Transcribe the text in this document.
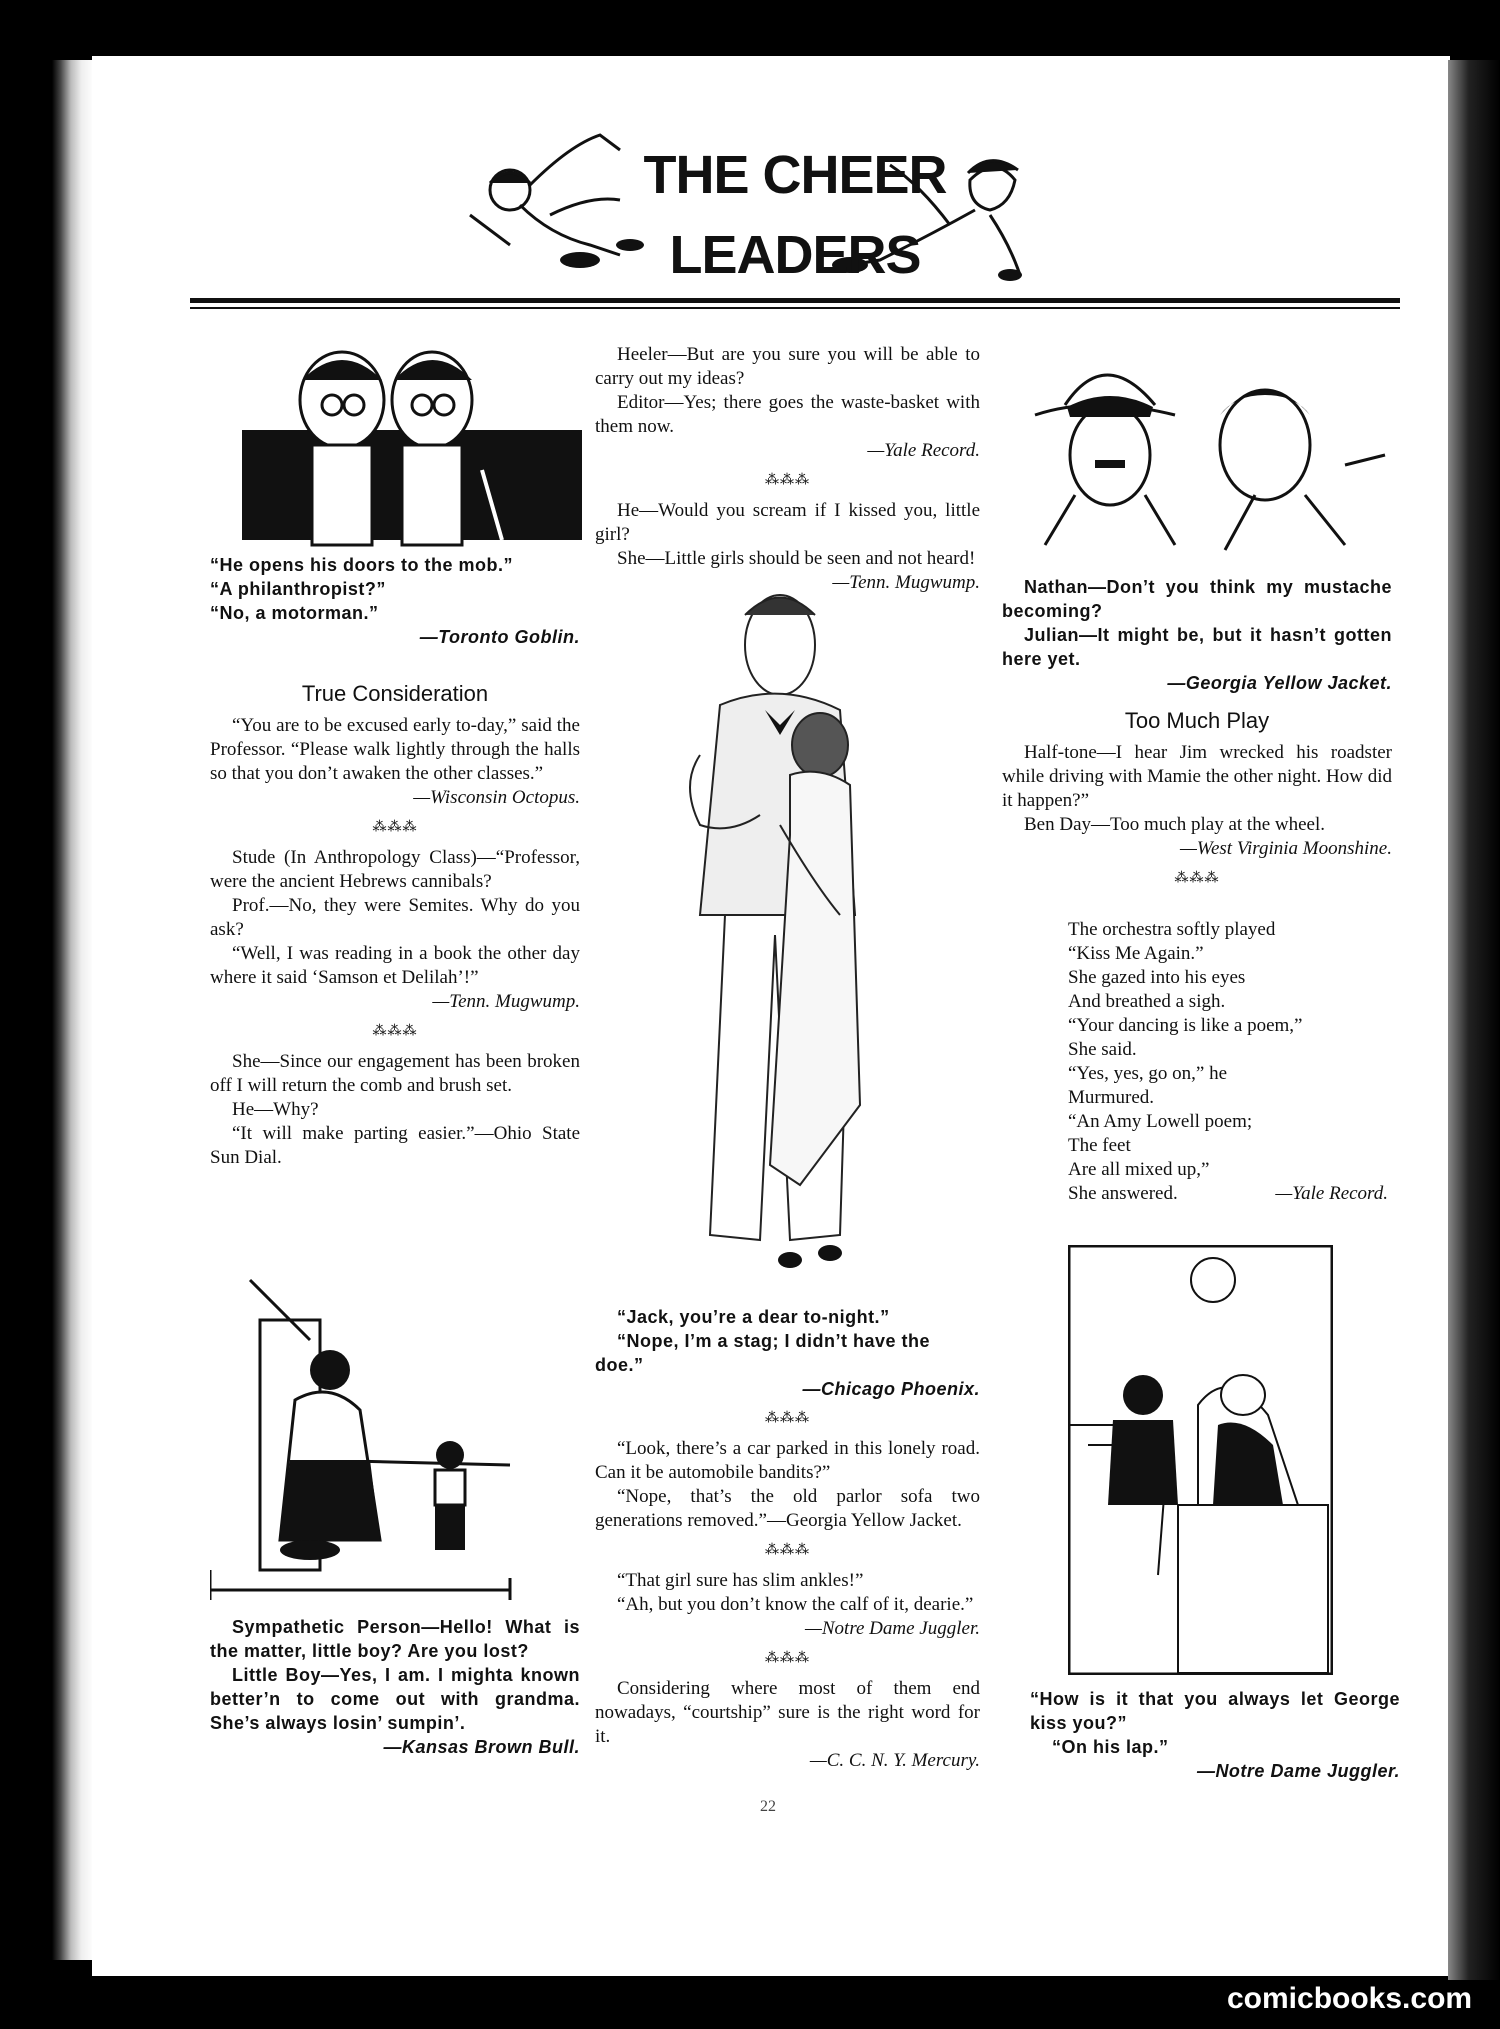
THE CHEER LEADERS

“He opens his doors to the mob.”

“A philanthropist?”

“No, a motorman.”

—Toronto Goblin.

True Consideration

“You are to be excused early to-day,” said the Professor. “Please walk lightly through the halls so that you don’t awaken the other classes.”

—Wisconsin Octopus.

⁂⁂⁂

Stude (In Anthropology Class)—“Professor, were the ancient Hebrews cannibals?

Prof.—No, they were Semites. Why do you ask?

“Well, I was reading in a book the other day where it said ‘Samson et Delilah’!”

—Tenn. Mugwump.

⁂⁂⁂

She—Since our engagement has been broken off I will return the comb and brush set.

He—Why?

“It will make parting easier.”—Ohio State Sun Dial.

Sympathetic Person—Hello! What is the matter, little boy? Are you lost?

Little Boy—Yes, I am. I mighta known better’n to come out with grandma. She’s always losin’ sumpin’.

—Kansas Brown Bull.

Heeler—But are you sure you will be able to carry out my ideas?

Editor—Yes; there goes the waste-basket with them now.

—Yale Record.

⁂⁂⁂

He—Would you scream if I kissed you, little girl?

She—Little girls should be seen and not heard!

—Tenn. Mugwump.

“Jack, you’re a dear to-night.”

“Nope, I’m a stag; I didn’t have the doe.”

—Chicago Phoenix.

⁂⁂⁂

“Look, there’s a car parked in this lonely road. Can it be automobile bandits?”

“Nope, that’s the old parlor sofa two generations removed.”—Georgia Yellow Jacket.

⁂⁂⁂

“That girl sure has slim ankles!”

“Ah, but you don’t know the calf of it, dearie.”

—Notre Dame Juggler.

⁂⁂⁂

Considering where most of them end nowadays, “courtship” sure is the right word for it.

—C. C. N. Y. Mercury.

Nathan—Don’t you think my mustache becoming?

Julian—It might be, but it hasn’t gotten here yet.

—Georgia Yellow Jacket.

Too Much Play

Half-tone—I hear Jim wrecked his roadster while driving with Mamie the other night. How did it happen?”

Ben Day—Too much play at the wheel.

—West Virginia Moonshine.

⁂⁂⁂

The orchestra softly played

“Kiss Me Again.”

She gazed into his eyes

And breathed a sigh.

“Your dancing is like a poem,”

She said.

“Yes, yes, go on,” he

Murmured.

“An Amy Lowell poem;

The feet

Are all mixed up,”

She answered.	—Yale Record.

“How is it that you always let George kiss you?”

“On his lap.”

—Notre Dame Juggler.

22
comicbooks.com
